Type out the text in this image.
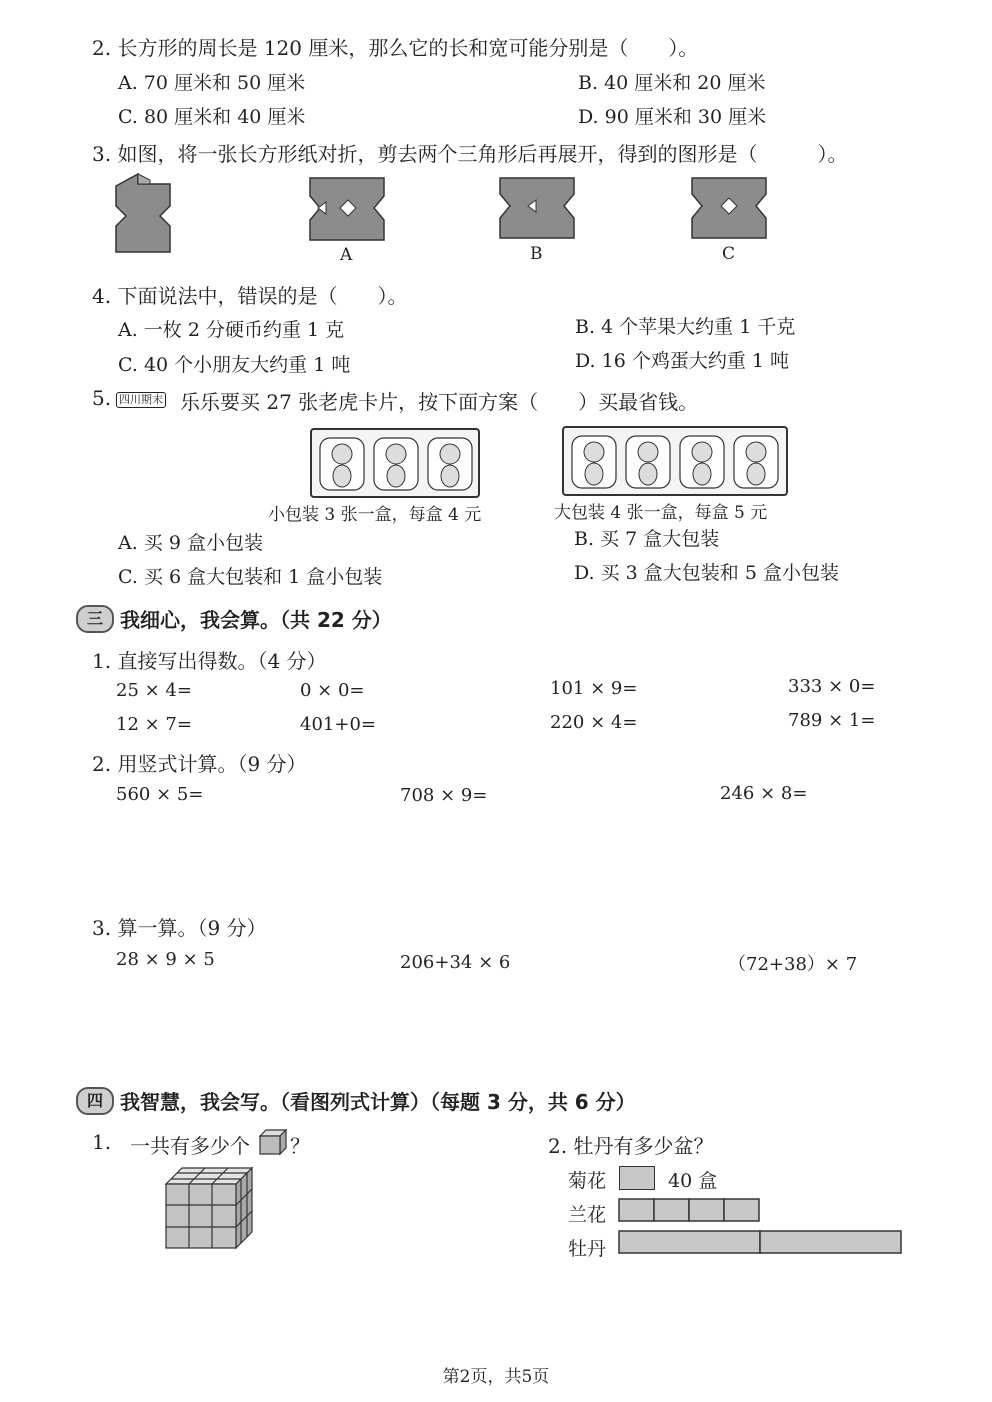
2. 长方形的周长是 120 厘米，那么它的长和宽可能分别是（　　）。
A. 70 厘米和 50 厘米	B. 40 厘米和 20 厘米
C. 80 厘米和 40 厘米	D. 90 厘米和 30 厘米
3. 如图，将一张长方形纸对折，剪去两个三角形后再展开，得到的图形是（　　　）。
A	B	C
4. 下面说法中，错误的是（　　）。
A. 一枚 2 分硬币约重 1 克	B. 4 个苹果大约重 1 千克
C. 40 个小朋友大约重 1 吨	D. 16 个鸡蛋大约重 1 吨
5. 四川期末 乐乐要买 27 张老虎卡片，按下面方案（　　）买最省钱。
小包装 3 张一盒，每盒 4 元	大包装 4 张一盒，每盒 5 元
A. 买 9 盒小包装	B. 买 7 盒大包装
C. 买 6 盒大包装和 1 盒小包装	D. 买 3 盒大包装和 5 盒小包装
三 我细心，我会算。（共 22 分）
1. 直接写出得数。（4 分）
25 × 4=	0 × 0=	101 × 9=	333 × 0=
12 × 7=	401+0=	220 × 4=	789 × 1=
2. 用竖式计算。（9 分）
560 × 5=	708 × 9=	246 × 8=
3. 算一算。（9 分）
28 × 9 × 5	206+34 × 6	（72+38）× 7
四 我智慧，我会写。（看图列式计算）（每题 3 分，共 6 分）
1. 一共有多少个 ？	2. 牡丹有多少盆？
菊花	40 盒
兰花
牡丹
第2页，共5页
